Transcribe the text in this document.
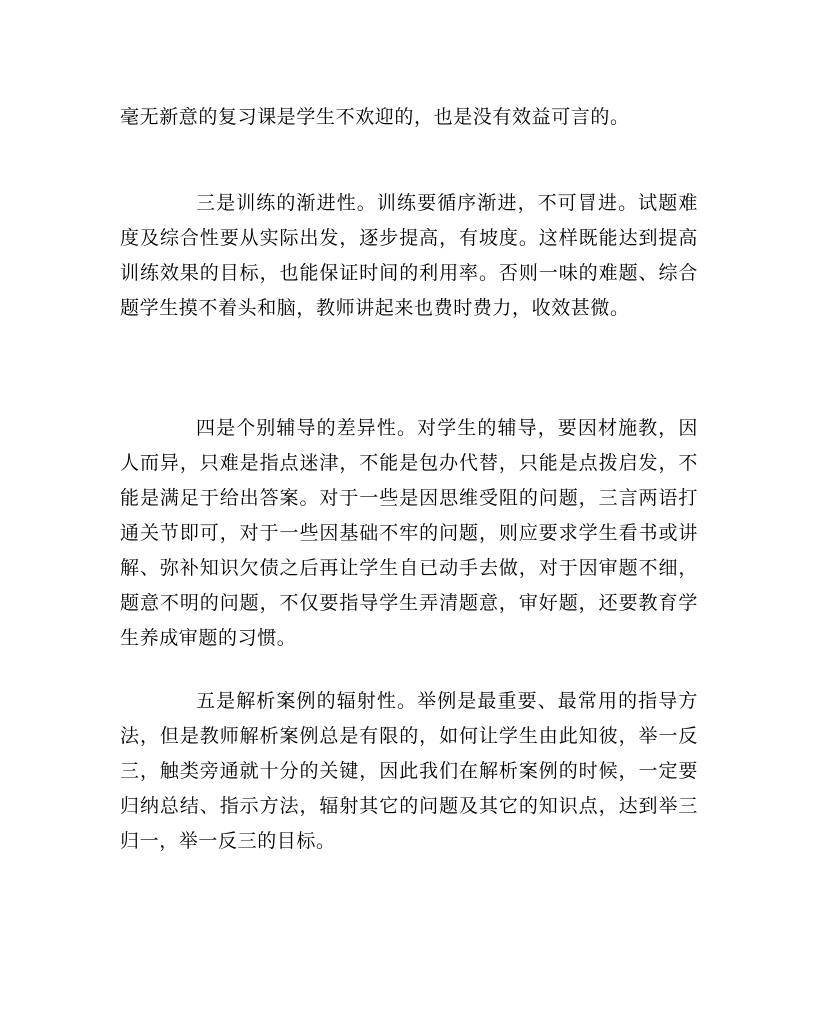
毫无新意的复习课是学生不欢迎的，也是没有效益可言的。

三是训练的渐进性。训练要循序渐进，不可冒进。试题难度及综合性要从实际出发，逐步提高，有坡度。这样既能达到提高训练效果的目标，也能保证时间的利用率。否则一味的难题、综合题学生摸不着头和脑，教师讲起来也费时费力，收效甚微。

四是个别辅导的差异性。对学生的辅导，要因材施教，因人而异，只难是指点迷津，不能是包办代替，只能是点拨启发，不能是满足于给出答案。对于一些是因思维受阻的问题，三言两语打通关节即可，对于一些因基础不牢的问题，则应要求学生看书或讲解、弥补知识欠债之后再让学生自已动手去做，对于因审题不细，题意不明的问题，不仅要指导学生弄清题意，审好题，还要教育学生养成审题的习惯。

五是解析案例的辐射性。举例是最重要、最常用的指导方法，但是教师解析案例总是有限的，如何让学生由此知彼，举一反三，触类旁通就十分的关键，因此我们在解析案例的时候，一定要归纳总结、指示方法，辐射其它的问题及其它的知识点，达到举三归一，举一反三的目标。
